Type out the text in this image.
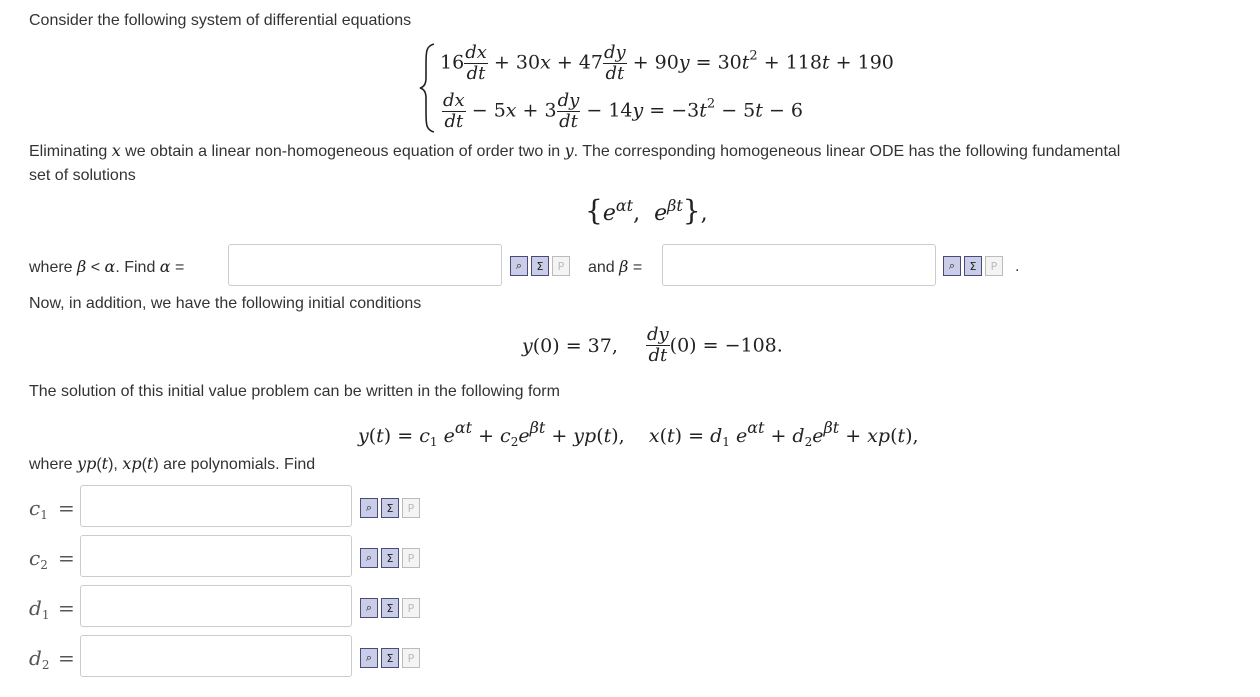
Consider the following system of differential equations
$16 \frac{dx}{dt} + 30x + 47 \frac{dy}{dt} + 90y = 30t^2 + 118t + 190$
$\frac{dx}{dt} - 5x + 3 \frac{dy}{dt} - 14y = -3t^2 - 5t - 6$
Eliminating x we obtain a linear non-homogeneous equation of order two in y. The corresponding homogeneous linear ODE has the following fundamental
set of solutions
{$e^{\alpha t}$,  $e^{\beta t}$},
where β < α. Find α =	⌕	Σ	P	and β =	⌕	Σ	P	.
Now, in addition, we have the following initial conditions
y(0) = 37, $\frac{dy}{dt} (0) = -108$.
The solution of this initial value problem can be written in the following form
$y(t) = c_1$ $e^{\alpha t} + c_2e^{\beta t} + yp(t)$,    $x(t) = d_1$ $e^{\alpha t} + d_2e^{\beta t} + xp(t)$,
where yp(t), xp(t) are polynomials. Find
$c_1$ =	⌕	Σ	P
$c_2$ =	⌕	Σ	P
$d_1$ =	⌕	Σ	P
$d_2$ =	⌕	Σ	P
